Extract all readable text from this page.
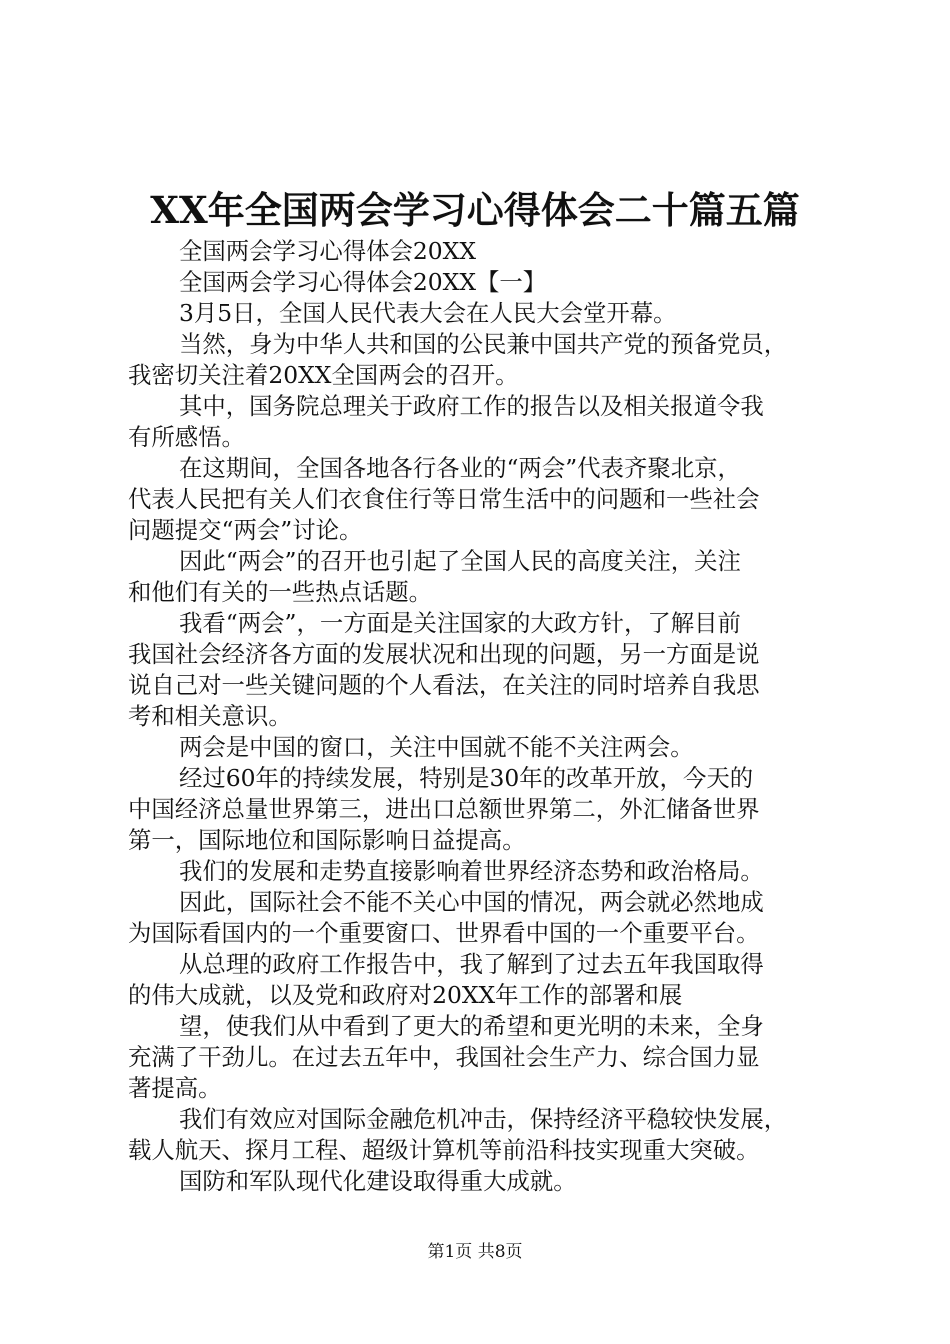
XX年全国两会学习心得体会二十篇五篇
全国两会学习心得体会20XX
全国两会学习心得体会20XX【一】
3月5日，全国人民代表大会在人民大会堂开幕。
当然，身为中华人共和国的公民兼中国共产党的预备党员，
我密切关注着20XX全国两会的召开。
其中，国务院总理关于政府工作的报告以及相关报道令我
有所感悟。
在这期间，全国各地各行各业的“两会”代表齐聚北京，
代表人民把有关人们衣食住行等日常生活中的问题和一些社会
问题提交“两会”讨论。
因此“两会”的召开也引起了全国人民的高度关注，关注
和他们有关的一些热点话题。
我看“两会”，一方面是关注国家的大政方针，了解目前
我国社会经济各方面的发展状况和出现的问题，另一方面是说
说自己对一些关键问题的个人看法，在关注的同时培养自我思
考和相关意识。
两会是中国的窗口，关注中国就不能不关注两会。
经过60年的持续发展，特别是30年的改革开放，今天的
中国经济总量世界第三，进出口总额世界第二，外汇储备世界
第一，国际地位和国际影响日益提高。
我们的发展和走势直接影响着世界经济态势和政治格局。
因此，国际社会不能不关心中国的情况，两会就必然地成
为国际看国内的一个重要窗口、世界看中国的一个重要平台。
从总理的政府工作报告中，我了解到了过去五年我国取得
的伟大成就，以及党和政府对20XX年工作的部署和展
望，使我们从中看到了更大的希望和更光明的未来，全身
充满了干劲儿。在过去五年中，我国社会生产力、综合国力显
著提高。
我们有效应对国际金融危机冲击，保持经济平稳较快发展，
载人航天、探月工程、超级计算机等前沿科技实现重大突破。
国防和军队现代化建设取得重大成就。
第1页 共8页
